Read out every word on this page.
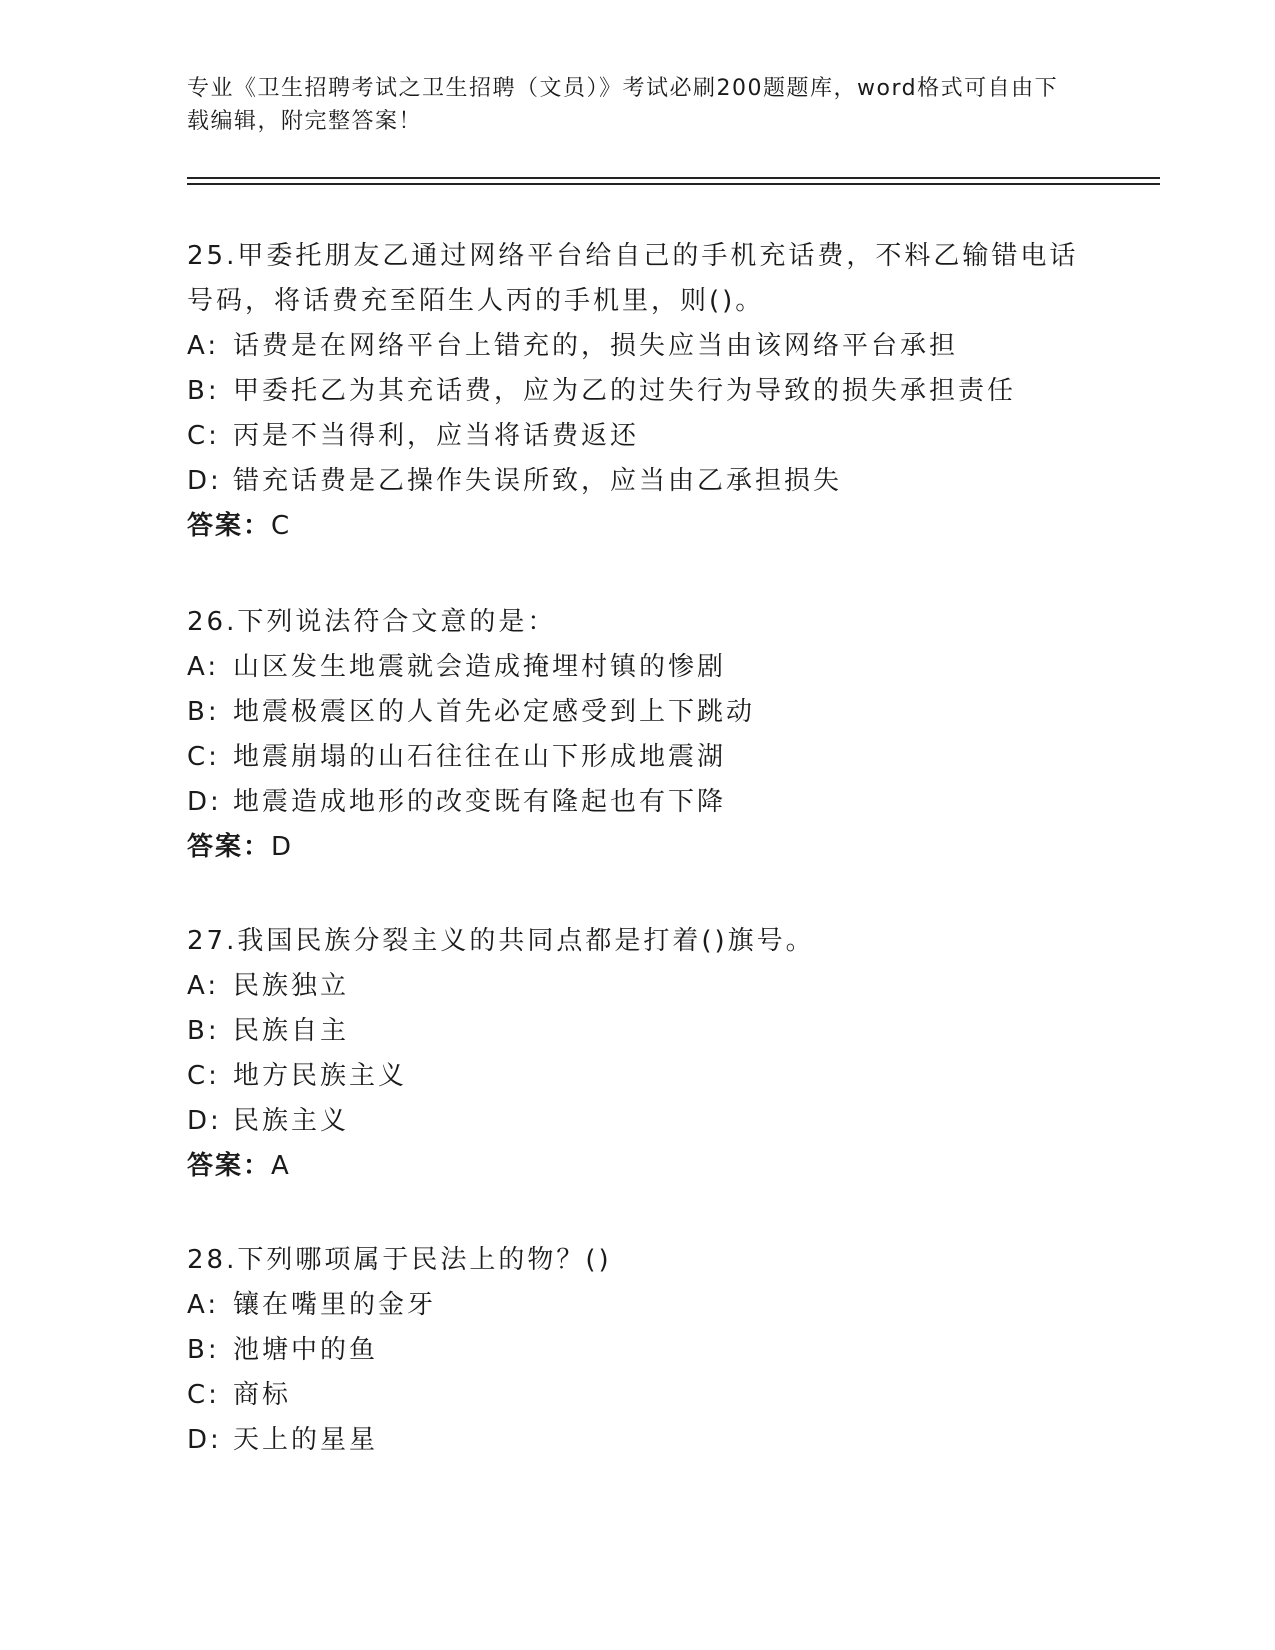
专业《卫生招聘考试之卫生招聘（文员）》考试必刷200题题库，word格式可自由下载编辑，附完整答案！

25.甲委托朋友乙通过网络平台给自己的手机充话费，不料乙输错电话号码，将话费充至陌生人丙的手机里，则()。

A: 话费是在网络平台上错充的，损失应当由该网络平台承担
B: 甲委托乙为其充话费，应为乙的过失行为导致的损失承担责任
C: 丙是不当得利，应当将话费返还
D: 错充话费是乙操作失误所致，应当由乙承担损失
答案：C

26.下列说法符合文意的是：

A: 山区发生地震就会造成掩埋村镇的惨剧
B: 地震极震区的人首先必定感受到上下跳动
C: 地震崩塌的山石往往在山下形成地震湖
D: 地震造成地形的改变既有隆起也有下降
答案：D

27.我国民族分裂主义的共同点都是打着()旗号。

A: 民族独立
B: 民族自主
C: 地方民族主义
D: 民族主义
答案：A

28.下列哪项属于民法上的物？()

A: 镶在嘴里的金牙
B: 池塘中的鱼
C: 商标
D: 天上的星星
